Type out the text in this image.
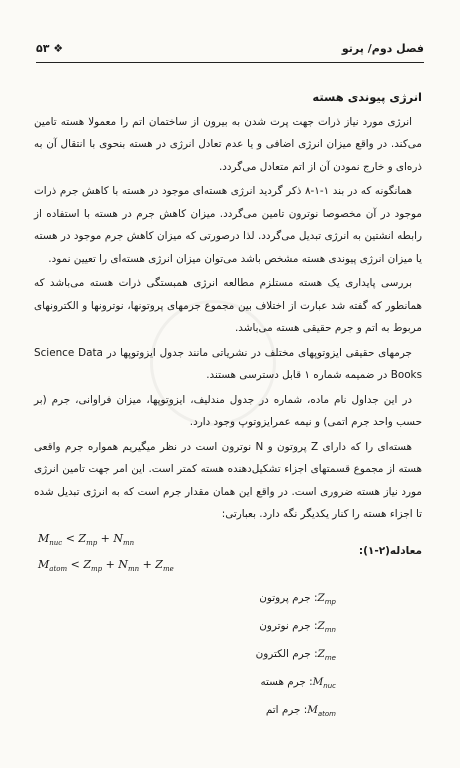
فصل دوم/ پرتو
۵۳ ❖
انرژی پیوندی هسته

انرژی مورد نیاز ذرات جهت پرت شدن به بیرون از ساختمان اتم را معمولا هسته تامین می‌کند. در واقع میزان انرژی اضافی و یا عدم تعادل انرژی در هسته بنحوی با انتقال آن به ذره‌ای و خارج نمودن آن از اتم متعادل می‌گردد.

همانگونه که در بند ۱-۱-۸ ذکر گردید انرژی هسته‌ای موجود در هسته با کاهش جرم ذرات موجود در آن مخصوصا نوترون تامین می‌گردد. میزان کاهش جرم در هسته با استفاده از رابطه انشتین به انرژی تبدیل می‌گردد. لذا درصورتی که میزان کاهش جرم موجود در هسته یا میزان انرژی پیوندی هسته مشخص باشد می‌توان میزان انرژی هسته‌ای را تعیین نمود.

بررسی پایداری یک هسته مستلزم مطالعه انرژی همبستگی ذرات هسته می‌باشد که همانطور که گفته شد عبارت از اختلاف بین مجموع جرمهای پروتونها، نوترونها و الکترونهای مربوط به اتم و جرم حقیقی هسته می‌باشد.

جرمهای حقیقی ایزوتوپهای مختلف در نشریاتی مانند جدول ایزوتوپها در Science Data Books در ضمیمه شماره ۱ قابل دسترسی هستند.

در این جداول نام ماده، شماره در جدول مندلیف، ایزوتوپها، میزان فراوانی، جرم (بر حسب واحد جرم اتمی) و نیمه عمرایزوتوپ وجود دارد.

هسته‌ای را که دارای Z پروتون و N نوترون است در نظر میگیریم همواره جرم واقعی هسته از مجموع قسمتهای اجزاء تشکیل‌دهنده هسته کمتر است. این امر جهت تامین انرژی مورد نیاز هسته ضروری است. در واقع این همان مقدار جرم است که به انرژی تبدیل شده تا اجزاء هسته را کنار یکدیگر نگه دارد. بعبارتی:

معادله(۲-۱):
$M_{nuc} < Z_{mp} + N_{mn}$
$M_{atom} < Z_{mp} + N_{mn} + Z_{me}$
$Z_{mp}$: جرم پروتون
$Z_{mn}$: جرم نوترون
$Z_{me}$: جرم الکترون
$M_{nuc}$: جرم هسته
$M_{atom}$: جرم اتم
